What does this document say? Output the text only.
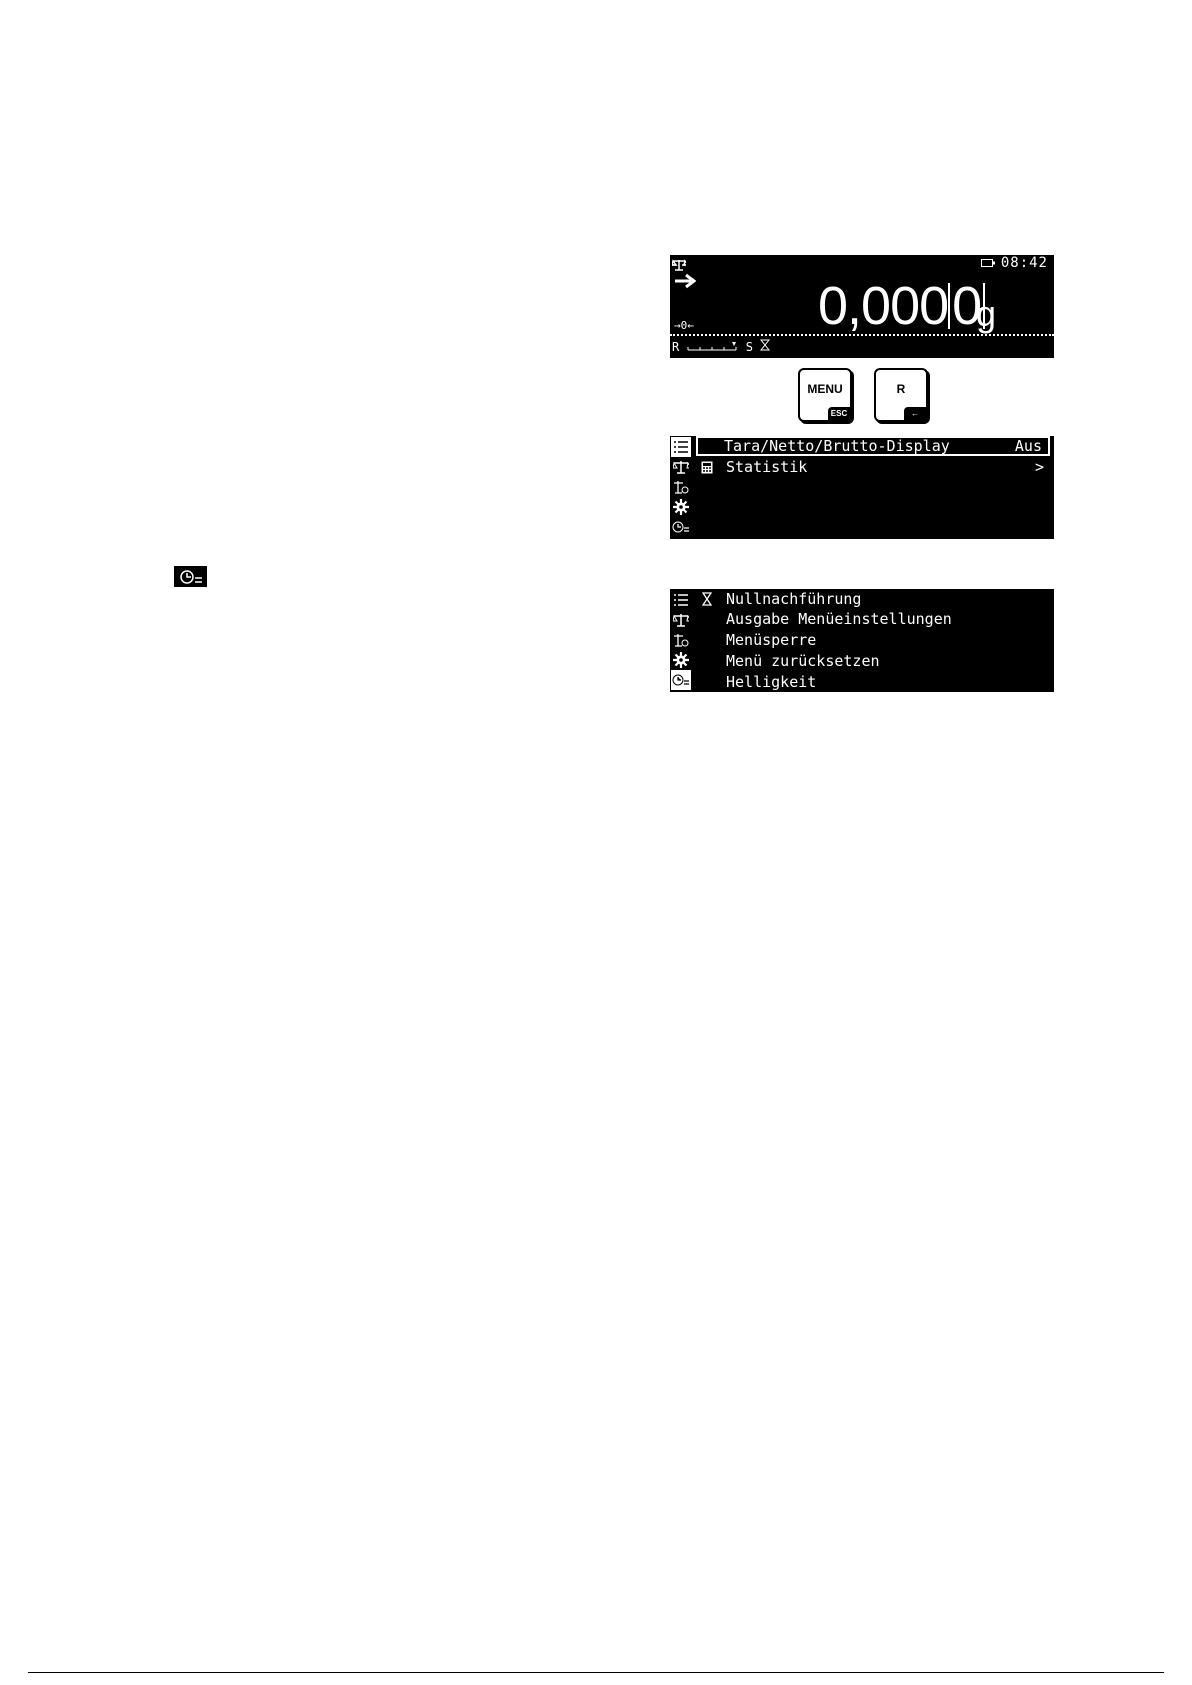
08:42
0,0000
g
→0←
R	S
MENU
ESC
R
←

Tara/Netto/Brutto-Display

	Aus

Statistik

	>

Nullnachführung

Ausgabe Menüeinstellungen

Menüsperre

Menü zurücksetzen

Helligkeit
